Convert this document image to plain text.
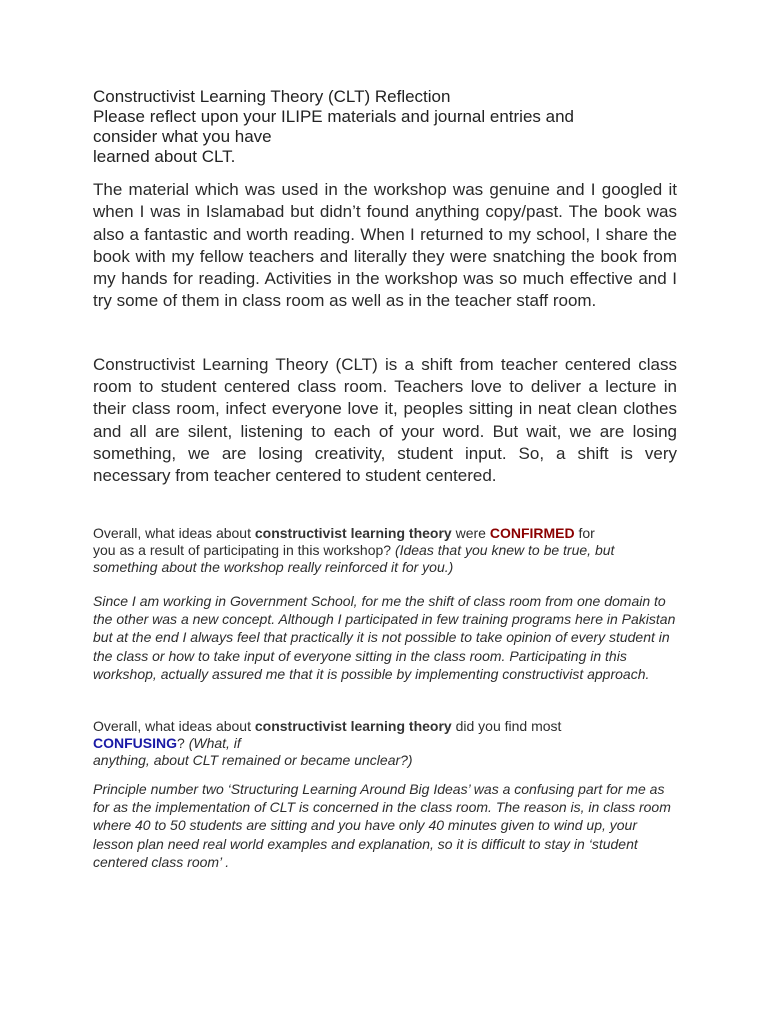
Constructivist Learning Theory (CLT) Reflection
Please reflect upon your ILIPE materials and journal entries and
consider what you have
learned about CLT.

The material which was used in the workshop was genuine and I googled it when I was in Islamabad but didn’t found anything copy/past. The book was also a fantastic and worth reading. When I returned to my school, I share the book with my fellow teachers and literally they were snatching the book from my hands for reading. Activities in the workshop was so much effective and I try some of them in class room as well as in the teacher staff room.

Constructivist Learning Theory (CLT) is a shift from teacher centered class room to student centered class room. Teachers love to deliver a lecture in their class room, infect everyone love it, peoples sitting in neat clean clothes and all are silent, listening to each of your word. But wait, we are losing something, we are losing creativity, student input. So, a shift is very necessary from teacher centered to student centered.

Overall, what ideas about constructivist learning theory were CONFIRMED for
you as a result of participating in this workshop? (Ideas that you knew to be true, but
something about the workshop really reinforced it for you.)

Since I am working in Government School, for me the shift of class room from one domain to the other was a new concept. Although I participated in few training programs here in Pakistan but at the end I always feel that practically it is not possible to take opinion of every student in the class or how to take input of everyone sitting in the class room. Participating in this workshop, actually assured me that it is possible by implementing constructivist approach.

Overall, what ideas about constructivist learning theory did you find most
CONFUSING? (What, if
anything, about CLT remained or became unclear?)

Principle number two ‘Structuring Learning Around Big Ideas’ was a confusing part for me as for as the implementation of CLT is concerned in the class room. The reason is, in class room where 40 to 50 students are sitting and you have only 40 minutes given to wind up, your lesson plan need real world examples and explanation, so it is difficult to stay in ‘student centered class room’ .
